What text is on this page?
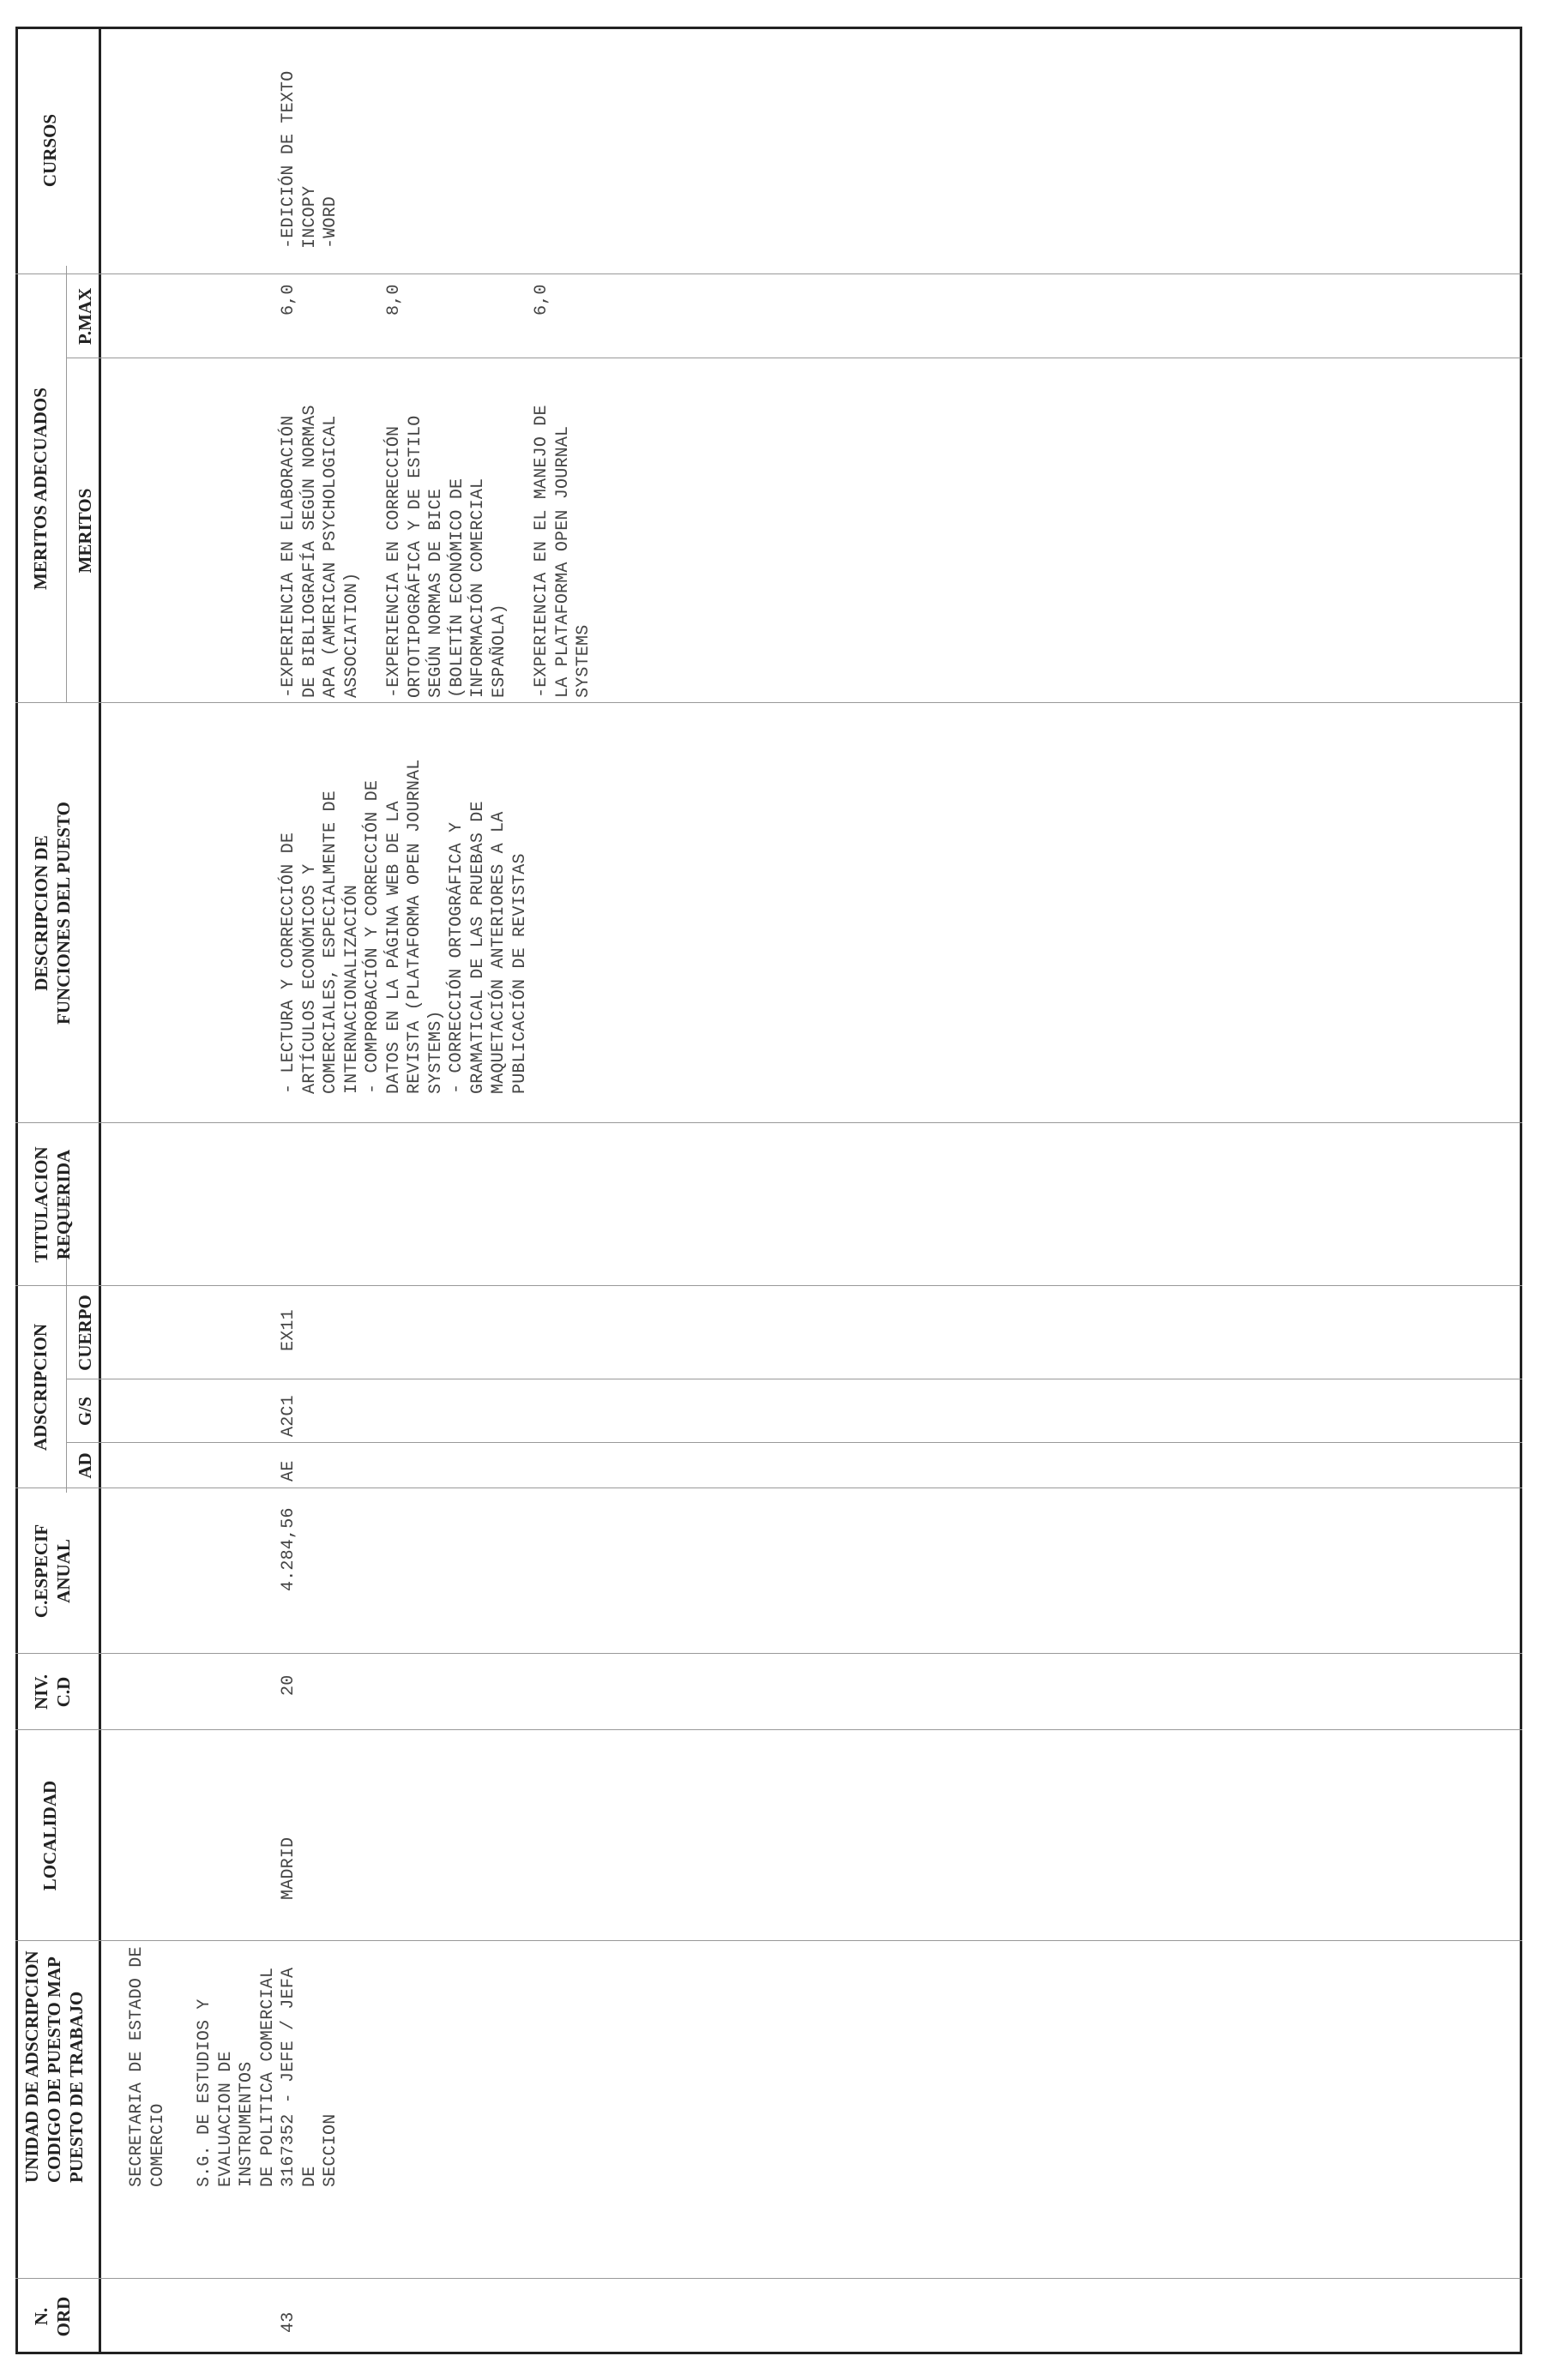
N.
ORD
UNIDAD DE ADSCRIPCION
CODIGO DE PUESTO MAP
PUESTO DE TRABAJO
LOCALIDAD
NIV.
C.D
C.ESPECIF
ANUAL
ADSCRIPCION
AD
G/S
CUERPO
TITULACION
REQUERIDA
DESCRIPCION DE
FUNCIONES DEL PUESTO
MERITOS ADECUADOS MERITOS
P.MAX
CURSOS
SECRETARIA DE ESTADO DE
COMERCIO S.G. DE ESTUDIOS Y
EVALUACION DE INSTRUMENTOS
DE POLITICA COMERCIAL
43
3167352 - JEFE / JEFA DE
SECCION
MADRID
20
4.284,56
AE
A2C1
EX11
- LECTURA Y CORRECCIÓN DE
ARTÍCULOS ECONÓMICOS Y
COMERCIALES, ESPECIALMENTE DE
INTERNACIONALIZACIÓN
- COMPROBACIÓN Y CORRECCIÓN DE
DATOS EN LA PÁGINA WEB DE LA
REVISTA (PLATAFORMA OPEN JOURNAL
SYSTEMS)
- CORRECCIÓN ORTOGRÁFICA Y
GRAMATICAL DE LAS PRUEBAS DE
MAQUETACIÓN ANTERIORES A LA
PUBLICACIÓN DE REVISTAS
-EXPERIENCIA EN ELABORACIÓN
DE BIBLIOGRAFÍA SEGÚN NORMAS
APA (AMERICAN PSYCHOLOGICAL
ASSOCIATION)
6,0
-EXPERIENCIA EN CORRECCIÓN
ORTOTIPOGRÁFICA Y DE ESTILO
SEGÚN NORMAS DE BICE
(BOLETÍN ECONÓMICO DE
INFORMACIÓN COMERCIAL
ESPAÑOLA)
8,0
-EXPERIENCIA EN EL MANEJO DE
LA PLATAFORMA OPEN JOURNAL
SYSTEMS
6,0
-EDICIÓN DE TEXTO
INCOPY
-WORD
